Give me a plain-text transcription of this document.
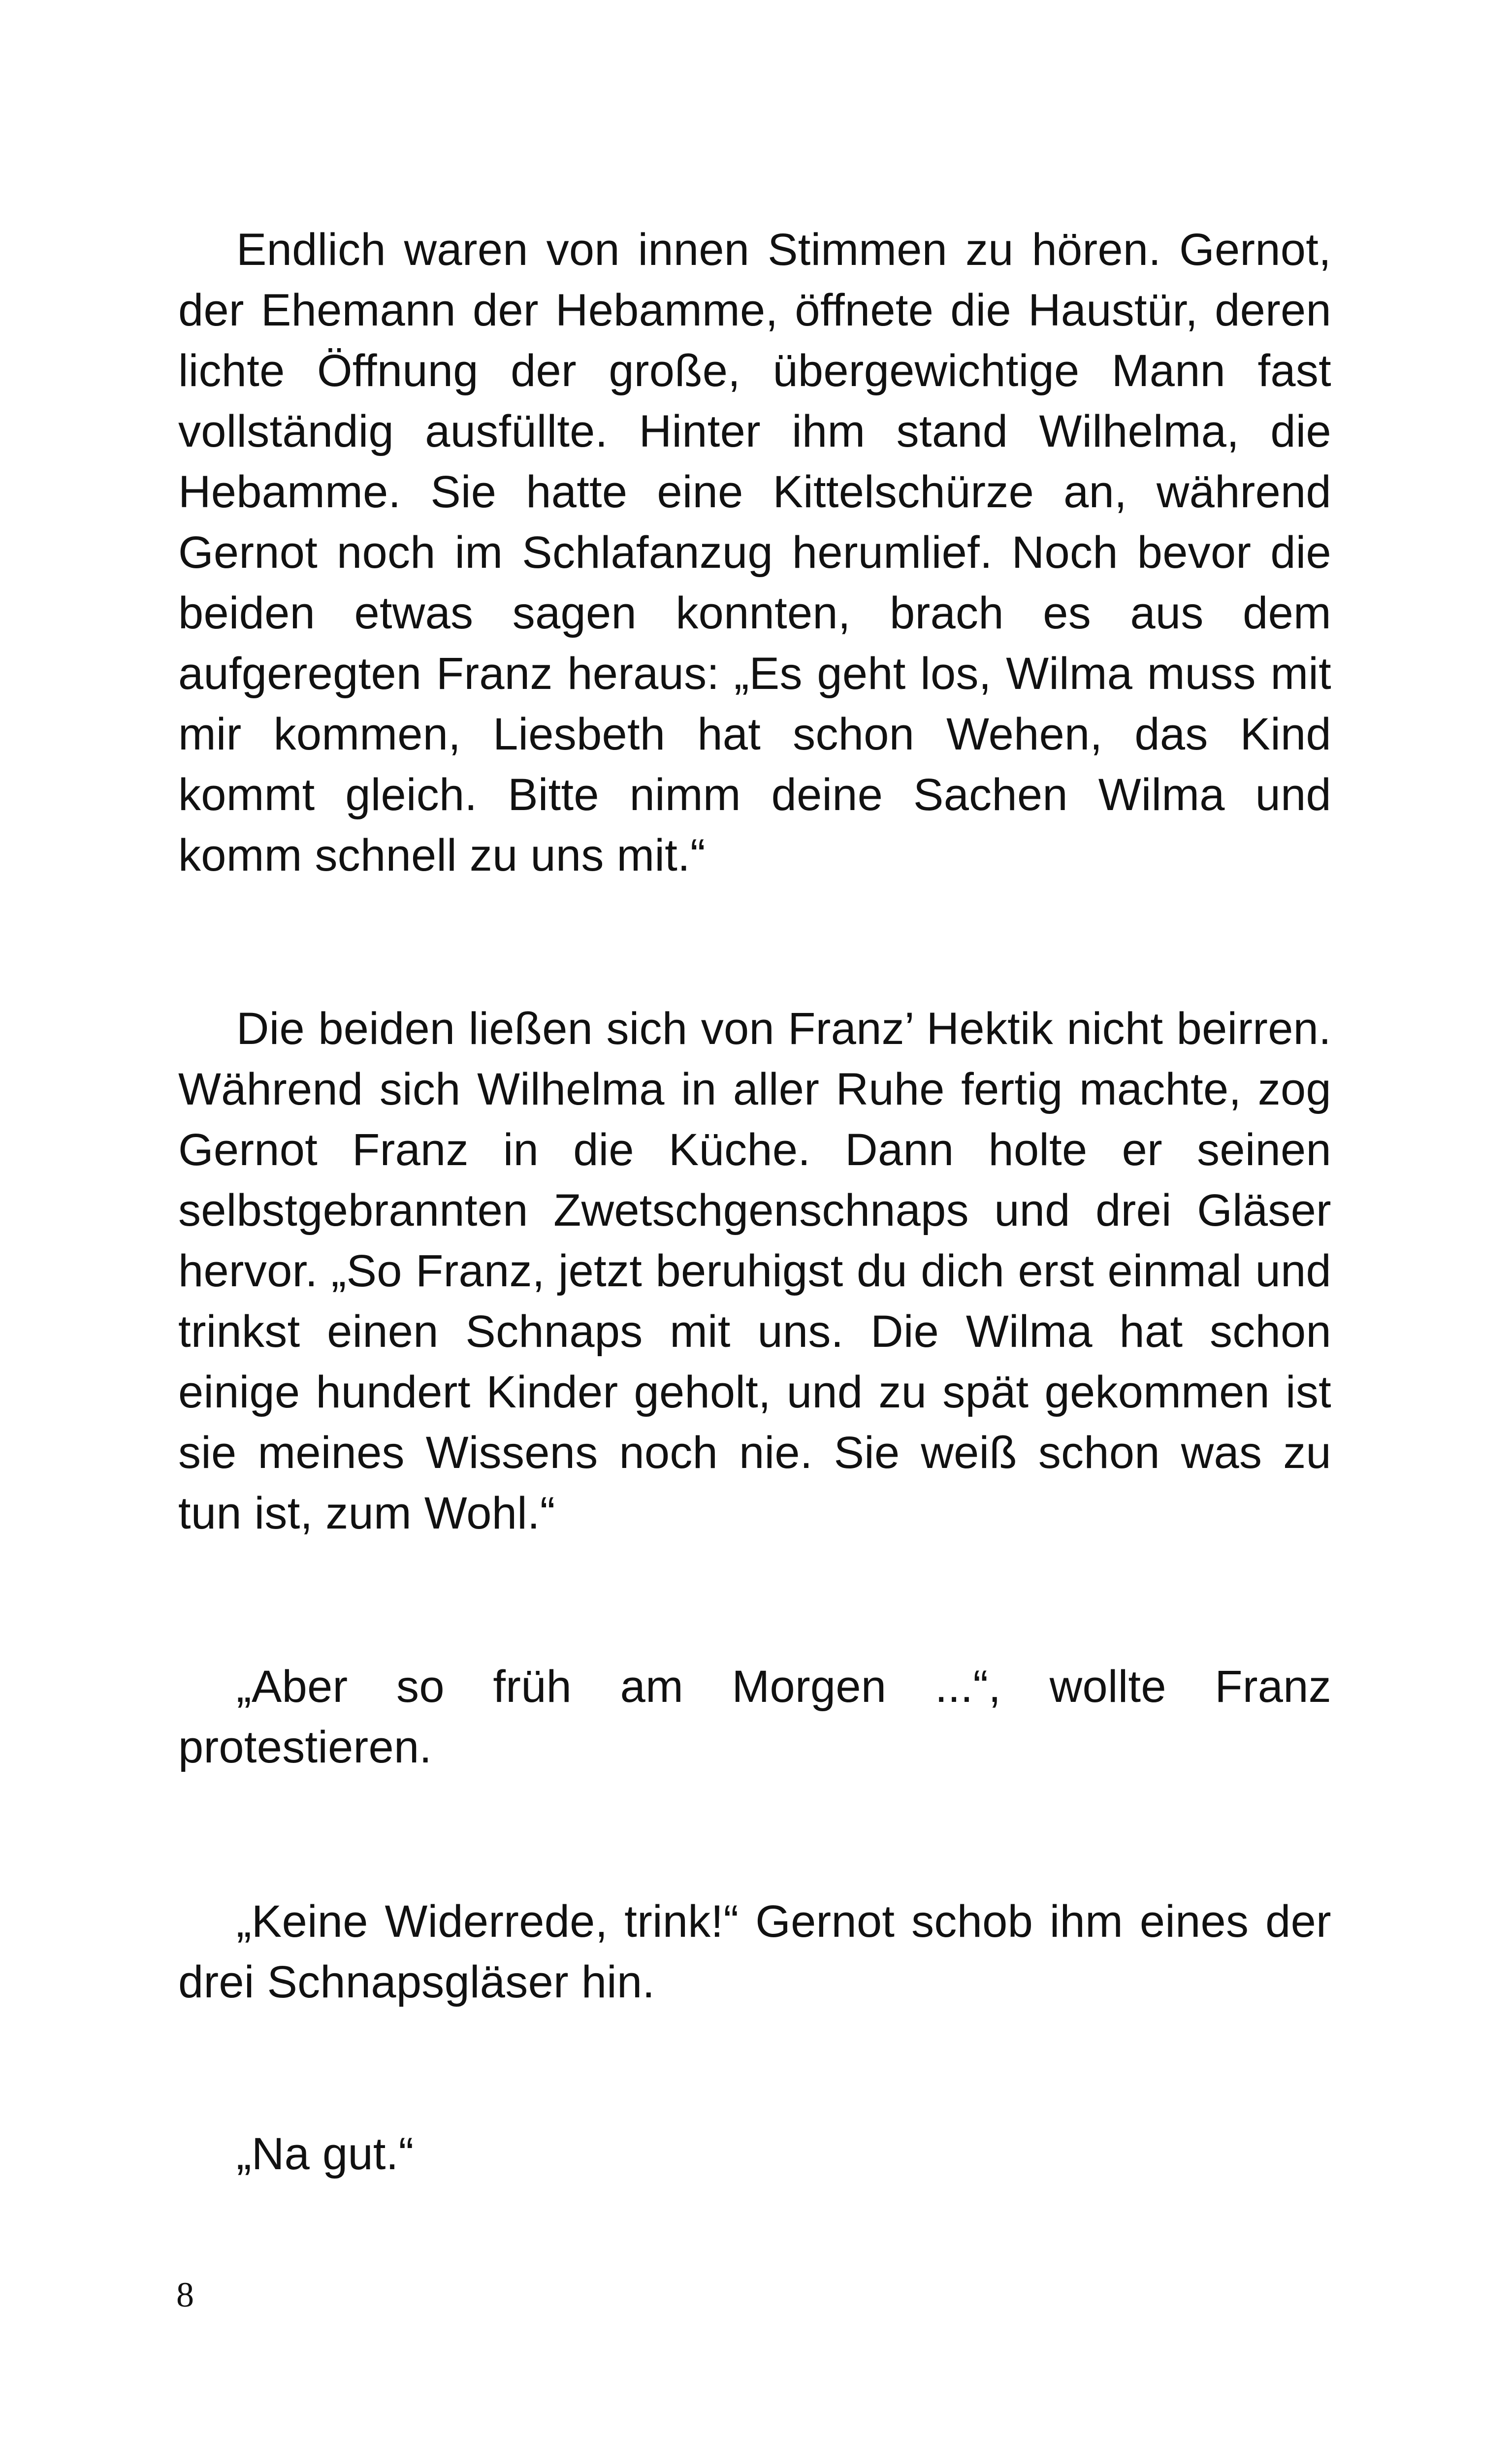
Endlich waren von innen Stimmen zu hören. Gernot, der Ehemann der Hebamme, öffnete die Haustür, deren lichte Öffnung der große, übergewichtige Mann fast vollständig ausfüllte. Hinter ihm stand Wilhelma, die Hebamme. Sie hatte eine Kittelschürze an, während Gernot noch im Schlafanzug herumlief. Noch bevor die beiden etwas sagen konnten, brach es aus dem aufgeregten Franz heraus: „Es geht los, Wilma muss mit mir kommen, Liesbeth hat schon Wehen, das Kind kommt gleich. Bitte nimm deine Sachen Wilma und komm schnell zu uns mit.“

Die beiden ließen sich von Franz’ Hektik nicht beirren. Während sich Wilhelma in aller Ruhe fertig machte, zog Gernot Franz in die Küche. Dann holte er seinen selbstgebrannten Zwetschgenschnaps und drei Gläser hervor. „So Franz, jetzt beruhigst du dich erst einmal und trinkst einen Schnaps mit uns. Die Wilma hat schon einige hundert Kinder geholt, und zu spät gekommen ist sie meines Wissens noch nie. Sie weiß schon was zu tun ist, zum Wohl.“

„Aber so früh am Morgen ...“, wollte Franz protestieren.

„Keine Widerrede, trink!“ Gernot schob ihm eines der drei Schnapsgläser hin.

„Na gut.“

8
